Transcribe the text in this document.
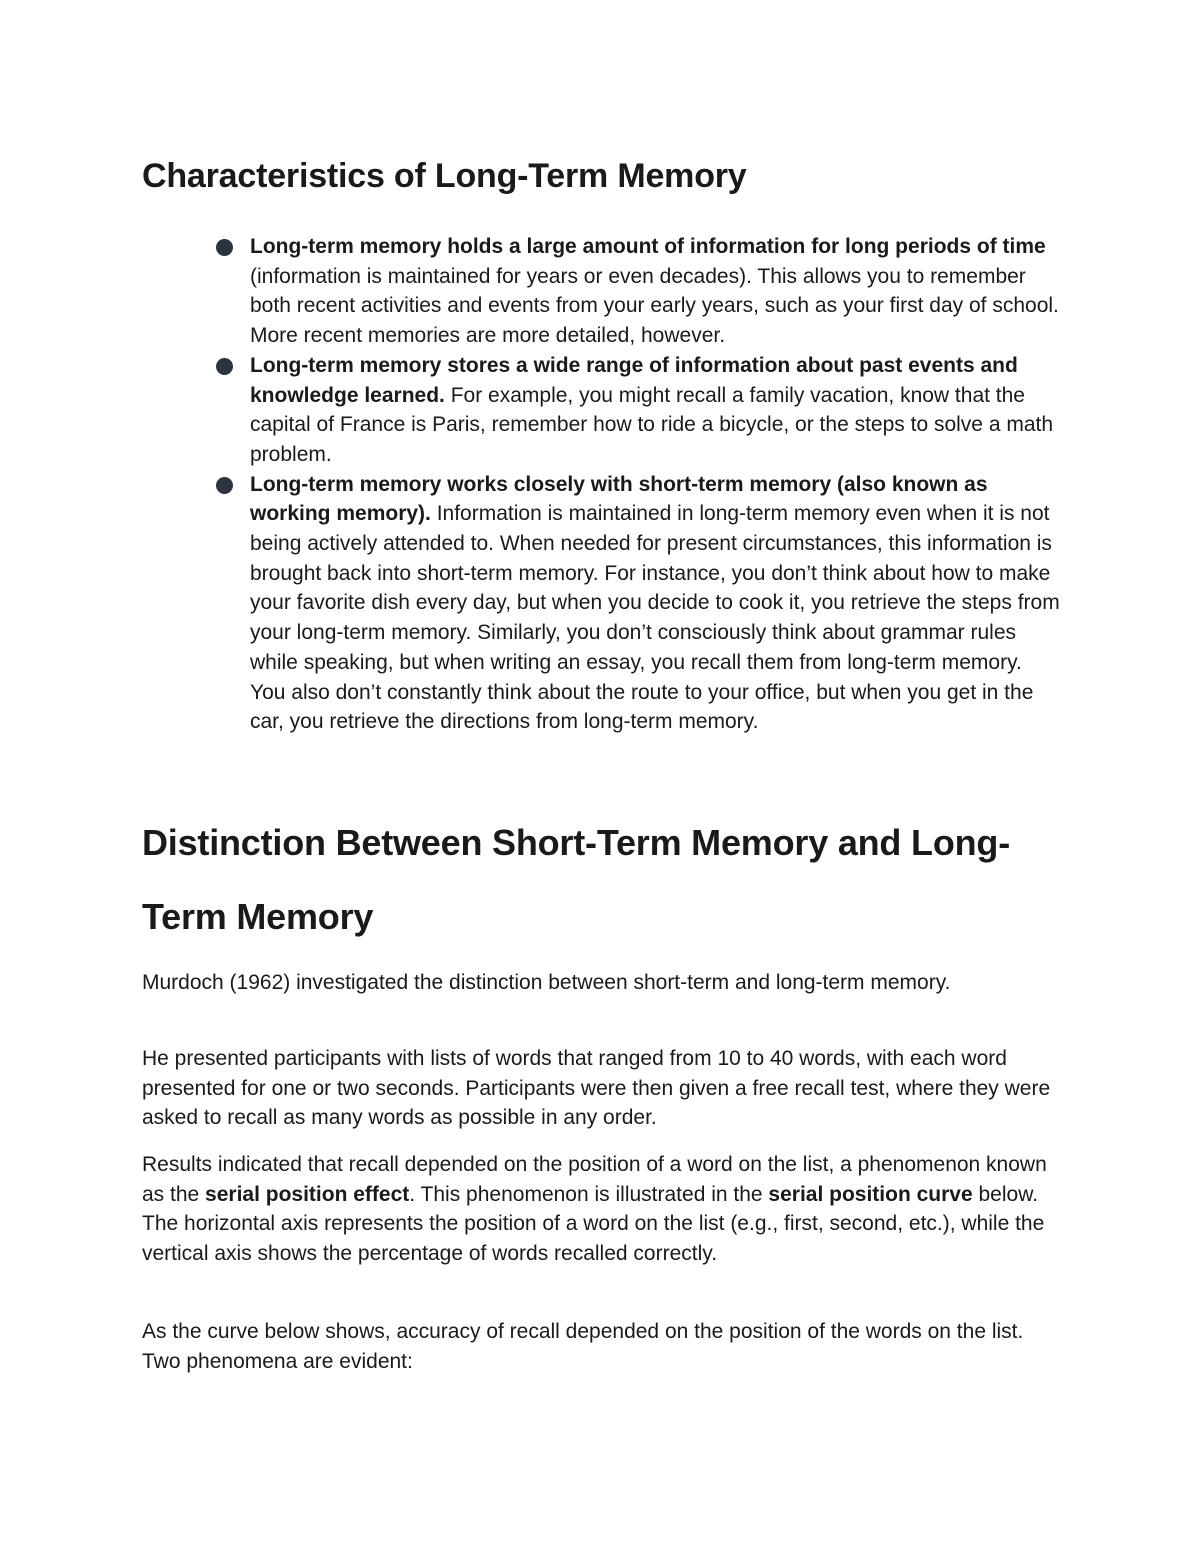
Characteristics of Long-Term Memory
Long-term memory holds a large amount of information for long periods of time (information is maintained for years or even decades). This allows you to remember both recent activities and events from your early years, such as your first day of school. More recent memories are more detailed, however.
Long-term memory stores a wide range of information about past events and knowledge learned. For example, you might recall a family vacation, know that the capital of France is Paris, remember how to ride a bicycle, or the steps to solve a math problem.
Long-term memory works closely with short-term memory (also known as working memory). Information is maintained in long-term memory even when it is not being actively attended to. When needed for present circumstances, this information is brought back into short-term memory. For instance, you don’t think about how to make your favorite dish every day, but when you decide to cook it, you retrieve the steps from your long-term memory. Similarly, you don’t consciously think about grammar rules while speaking, but when writing an essay, you recall them from long-term memory. You also don’t constantly think about the route to your office, but when you get in the car, you retrieve the directions from long-term memory.
Distinction Between Short-Term Memory and Long-Term Memory

Murdoch (1962) investigated the distinction between short-term and long-term memory.

He presented participants with lists of words that ranged from 10 to 40 words, with each word presented for one or two seconds. Participants were then given a free recall test, where they were asked to recall as many words as possible in any order.

Results indicated that recall depended on the position of a word on the list, a phenomenon known as the serial position effect. This phenomenon is illustrated in the serial position curve below. The horizontal axis represents the position of a word on the list (e.g., first, second, etc.), while the vertical axis shows the percentage of words recalled correctly.

As the curve below shows, accuracy of recall depended on the position of the words on the list. Two phenomena are evident:
